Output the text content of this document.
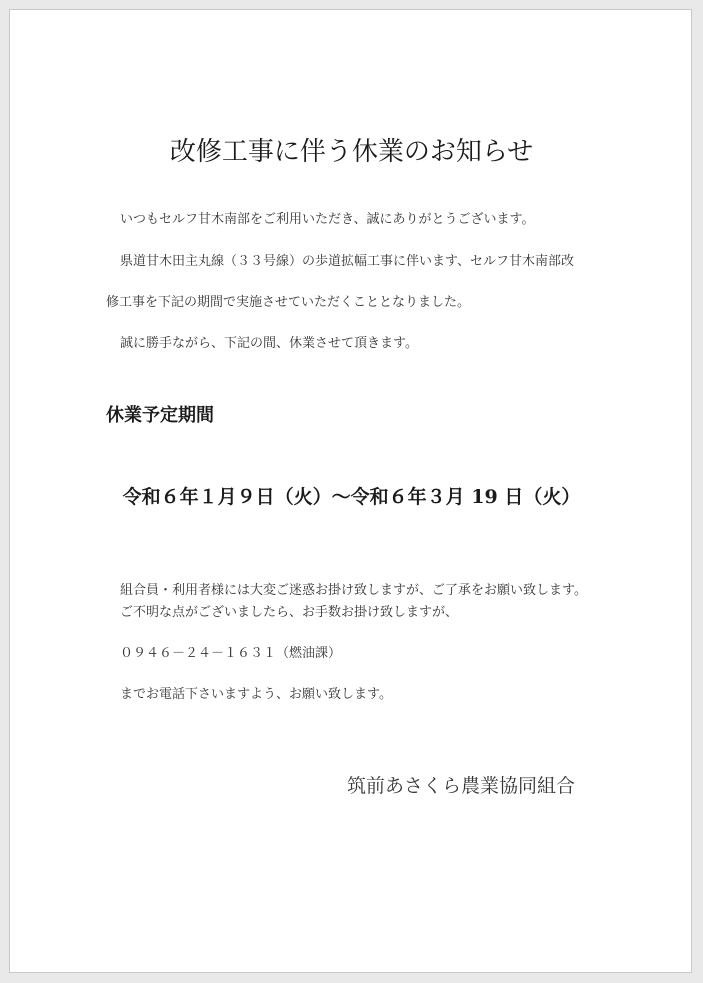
改修工事に伴う休業のお知らせ
いつもセルフ甘木南部をご利用いただき、誠にありがとうございます。
県道甘木田主丸線（３３号線）の歩道拡幅工事に伴います、セルフ甘木南部改
修工事を下記の期間で実施させていただくこととなりました。
誠に勝手ながら、下記の間、休業させて頂きます。
休業予定期間
令和６年１月９日（火）～令和６年３月 19 日（火）
組合員・利用者様には大変ご迷惑お掛け致しますが、ご了承をお願い致します。
ご不明な点がございましたら、お手数お掛け致しますが、
０９４６－２４－１６３１（燃油課）
までお電話下さいますよう、お願い致します。
筑前あさくら農業協同組合
